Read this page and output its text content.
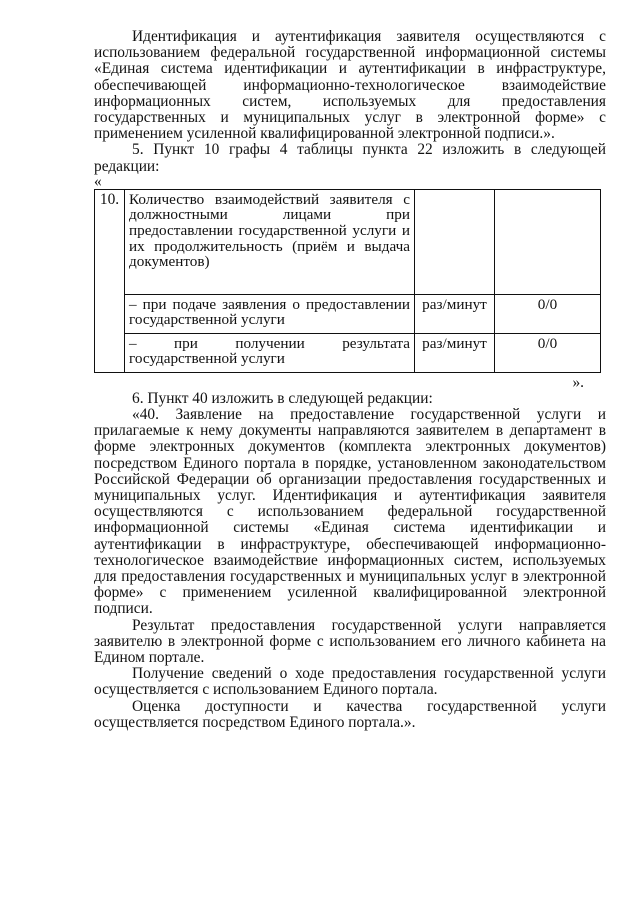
Идентификация и аутентификация заявителя осуществляются с использованием федеральной государственной информационной системы «Единая система идентификации и аутентификации в инфраструктуре, обеспечивающей информационно-технологическое взаимодействие информационных систем, используемых для предоставления государственных и муниципальных услуг в электронной форме» с применением усиленной квалифицированной электронной подписи.».

5. Пункт 10 графы 4 таблицы пункта 22 изложить в следующей редакции:

«
10.	Количество взаимодействий заявителя с должностными лицами при предоставлении государственной услуги и их продолжительность (приём и выдача документов)		
	– при подаче заявления о предоставлении государственной услуги	раз/минут	0/0
	– при получении результата государственной услуги	раз/минут	0/0
».

6. Пункт 40 изложить в следующей редакции:

«40. Заявление на предоставление государственной услуги и прилагаемые к нему документы направляются заявителем в департамент в форме электронных документов (комплекта электронных документов) посредством Единого портала в порядке, установленном законодательством Российской Федерации об организации предоставления государственных и муниципальных услуг. Идентификация и аутентификация заявителя осуществляются с использованием федеральной государственной информационной системы «Единая система идентификации и аутентификации в инфраструктуре, обеспечивающей информационно-технологическое взаимодействие информационных систем, используемых для предоставления государственных и муниципальных услуг в электронной форме» с применением усиленной квалифицированной электронной подписи.

Результат предоставления государственной услуги направляется заявителю в электронной форме с использованием его личного кабинета на Едином портале.

Получение сведений о ходе предоставления государственной услуги осуществляется с использованием Единого портала.

Оценка доступности и качества государственной услуги осуществляется посредством Единого портала.».
